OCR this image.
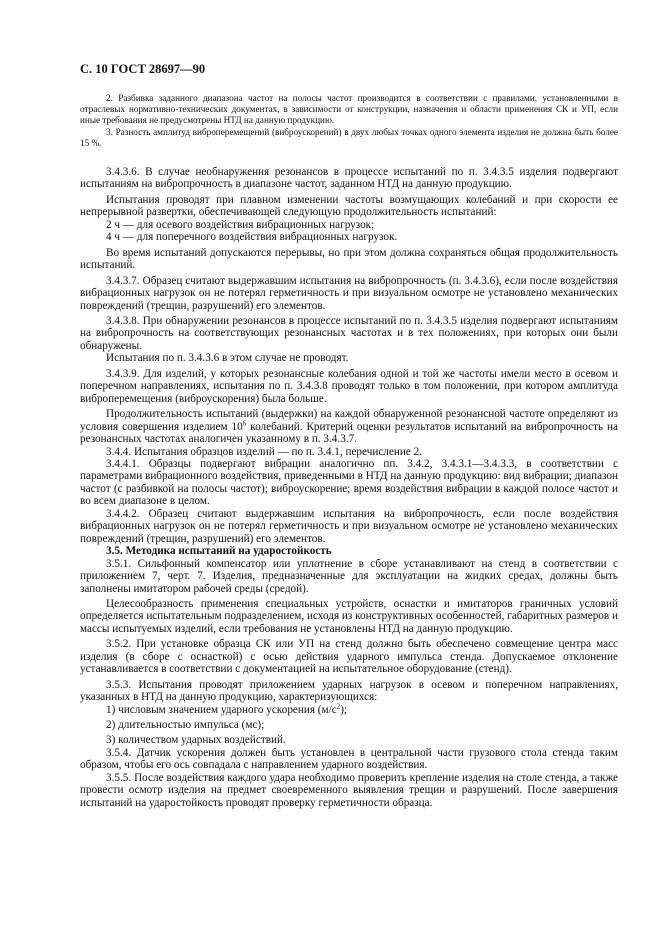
С. 10 ГОСТ 28697—90

2. Разбивка заданного диапазона частот на полосы частот производится в соответствии с правилами, установленными в отраслевых нормативно-технических документах, в зависимости от конструкции, назначения и области применения СК и УП, если иные требования не предусмотрены НТД на данную продукцию.

3. Разность амплитуд виброперемещений (виброускорений) в двух любых точках одного элемента изделия не должна быть более 15 %.

3.4.3.6. В случае необнаружения резонансов в процессе испытаний по п. 3.4.3.5 изделия подвергают испытаниям на вибропрочность в диапазоне частот, заданном НТД на данную продукцию.

Испытания проводят при плавном изменении частоты возмущающих колебаний и при скорости ее непрерывной развертки, обеспечивающей следующую продолжительность испытаний:

2 ч — для осевого воздействия вибрационных нагрузок;

4 ч — для поперечного воздействия вибрационных нагрузок.

Во время испытаний допускаются перерывы, но при этом должна сохраняться общая продолжительность испытаний.

3.4.3.7. Образец считают выдержавшим испытания на вибропрочность (п. 3.4.3.6), если после воздействия вибрационных нагрузок он не потерял герметичность и при визуальном осмотре не установлено механических повреждений (трещин, разрушений) его элементов.

3.4.3.8. При обнаружении резонансов в процессе испытаний по п. 3.4.3.5 изделия подвергают испытаниям на вибропрочность на соответствующих резонансных частотах и в тех положениях, при которых они были обнаружены.

Испытания по п. 3.4.3.6 в этом случае не проводят.

3.4.3.9. Для изделий, у которых резонансные колебания одной и той же частоты имели место в осевом и поперечном направлениях, испытания по п. 3.4.3.8 проводят только в том положении, при котором амплитуда виброперемещения (виброускорения) была больше.

Продолжительность испытаний (выдержки) на каждой обнаруженной резонансной частоте определяют из условия совершения изделием $10^6$ колебаний. Критерий оценки результатов испытаний на вибропрочность на резонансных частотах аналогичен указанному в п. 3.4.3.7.

3.4.4. Испытания образцов изделий — по п. 3.4.1, перечисление 2.

3.4.4.1. Образцы подвергают вибрации аналогично пп. 3.4.2, 3.4.3.1—3.4.3.3, в соответствии с параметрами вибрационного воздействия, приведенными в НТД на данную продукцию: вид вибрации; диапазон частот (с разбивкой на полосы частот); виброускорение; время воздействия вибрации в каждой полосе частот и во всем диапазоне в целом.

3.4.4.2. Образец считают выдержавшим испытания на вибропрочность, если после воздействия вибрационных нагрузок он не потерял герметичность и при визуальном осмотре не установлено механических повреждений (трещин, разрушений) его элементов.

3.5. Методика испытаний на ударостойкость

3.5.1. Сильфонный компенсатор или уплотнение в сборе устанавливают на стенд в соответствии с приложением 7, черт. 7. Изделия, предназначенные для эксплуатации на жидких средах, должны быть заполнены имитатором рабочей среды (средой).

Целесообразность применения специальных устройств, оснастки и имитаторов граничных условий определяется испытательным подразделением, исходя из конструктивных особенностей, габаритных размеров и массы испытуемых изделий, если требования не установлены НТД на данную продукцию.

3.5.2. При установке образца СК или УП на стенд должно быть обеспечено совмещение центра масс изделия (в сборе с оснасткой) с осью действия ударного импульса стенда. Допускаемое отклонение устанавливается в соответствии с документацией на испытательное оборудование (стенд).

3.5.3. Испытания проводят приложением ударных нагрузок в осевом и поперечном направлениях, указанных в НТД на данную продукцию, характеризующихся:

1) числовым значением ударного ускорения $(м/с^2)$;

2) длительностью импульса (мс);

3) количеством ударных воздействий.

3.5.4. Датчик ускорения должен быть установлен в центральной части грузового стола стенда таким образом, чтобы его ось совпадала с направлением ударного воздействия.

3.5.5. После воздействия каждого удара необходимо проверить крепление изделия на столе стенда, а также провести осмотр изделия на предмет своевременного выявления трещин и разрушений. После завершения испытаний на ударостойкость проводят проверку герметичности образца.
